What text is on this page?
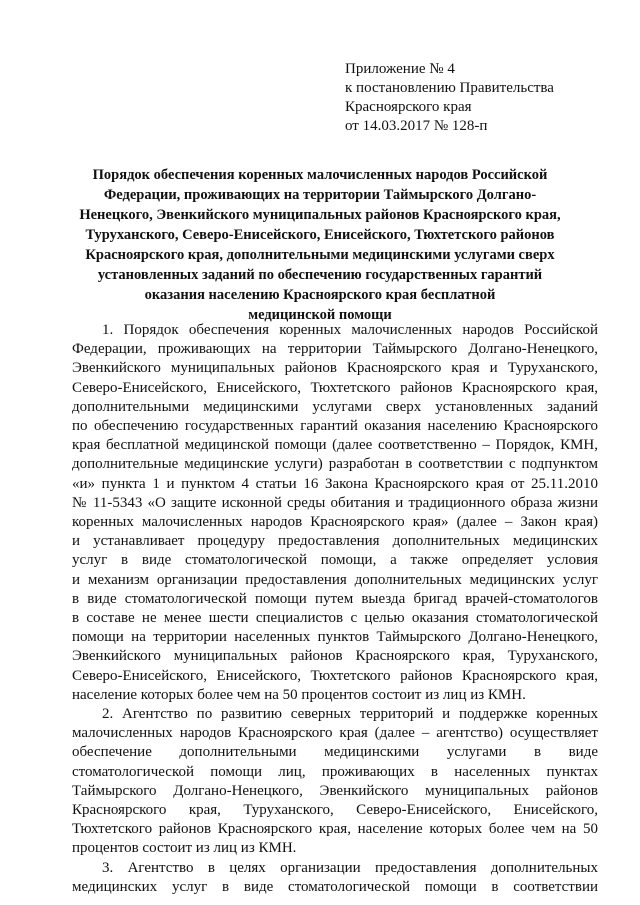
Приложение № 4
к постановлению Правительства
Красноярского края
от 14.03.2017 № 128-п
Порядок обеспечения коренных малочисленных народов Российской
Федерации, проживающих на территории Таймырского Долгано-
Ненецкого, Эвенкийского муниципальных районов Красноярского края,
Туруханского, Северо-Енисейского, Енисейского, Тюхтетского районов
Красноярского края, дополнительными медицинскими услугами сверх
установленных заданий по обеспечению государственных гарантий
оказания населению Красноярского края бесплатной
медицинской помощи
1. Порядок обеспечения коренных малочисленных народов Российской
Федерации, проживающих на территории Таймырского Долгано-Ненецкого,
Эвенкийского муниципальных районов Красноярского края и Туруханского,
Северо-Енисейского, Енисейского, Тюхтетского районов Красноярского края,
дополнительными медицинскими услугами сверх установленных заданий
по обеспечению государственных гарантий оказания населению Красноярского
края бесплатной медицинской помощи (далее соответственно – Порядок, КМН,
дополнительные медицинские услуги) разработан в соответствии с подпунктом
«и» пункта 1 и пунктом 4 статьи 16 Закона Красноярского края от 25.11.2010
№ 11-5343 «О защите исконной среды обитания и традиционного образа жизни
коренных малочисленных народов Красноярского края» (далее – Закон края)
и устанавливает процедуру предоставления дополнительных медицинских
услуг в виде стоматологической помощи, а также определяет условия
и механизм организации предоставления дополнительных медицинских услуг
в виде стоматологической помощи путем выезда бригад врачей-стоматологов
в составе не менее шести специалистов с целью оказания стоматологической
помощи на территории населенных пунктов Таймырского Долгано-Ненецкого,
Эвенкийского муниципальных районов Красноярского края, Туруханского,
Северо-Енисейского, Енисейского, Тюхтетского районов Красноярского края,
население которых более чем на 50 процентов состоит из лиц из КМН.
2. Агентство по развитию северных территорий и поддержке коренных
малочисленных народов Красноярского края (далее – агентство) осуществляет
обеспечение дополнительными медицинскими услугами в виде
стоматологической помощи лиц, проживающих в населенных пунктах
Таймырского Долгано-Ненецкого, Эвенкийского муниципальных районов
Красноярского края, Туруханского, Северо-Енисейского, Енисейского,
Тюхтетского районов Красноярского края, население которых более чем на 50
процентов состоит из лиц из КМН.
3. Агентство в целях организации предоставления дополнительных
медицинских услуг в виде стоматологической помощи в соответствии
